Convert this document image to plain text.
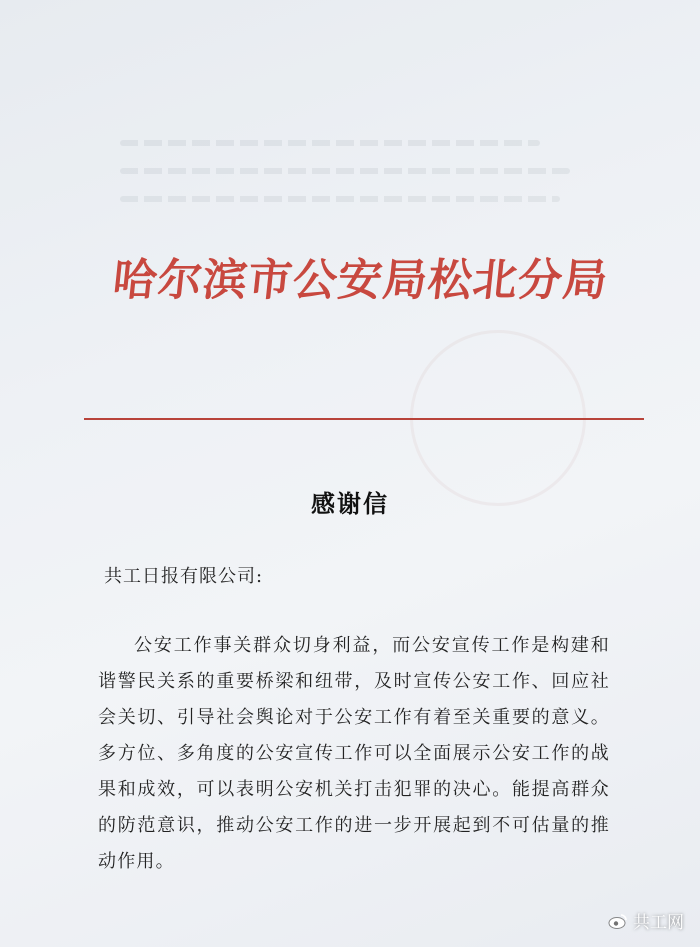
哈尔滨市公安局松北分局
感谢信
共工日报有限公司:
公安工作事关群众切身利益，而公安宣传工作是构建和谐警民关系的重要桥梁和纽带，及时宣传公安工作、回应社会关切、引导社会舆论对于公安工作有着至关重要的意义。多方位、多角度的公安宣传工作可以全面展示公安工作的战果和成效，可以表明公安机关打击犯罪的决心。能提高群众的防范意识，推动公安工作的进一步开展起到不可估量的推动作用。
共工网
